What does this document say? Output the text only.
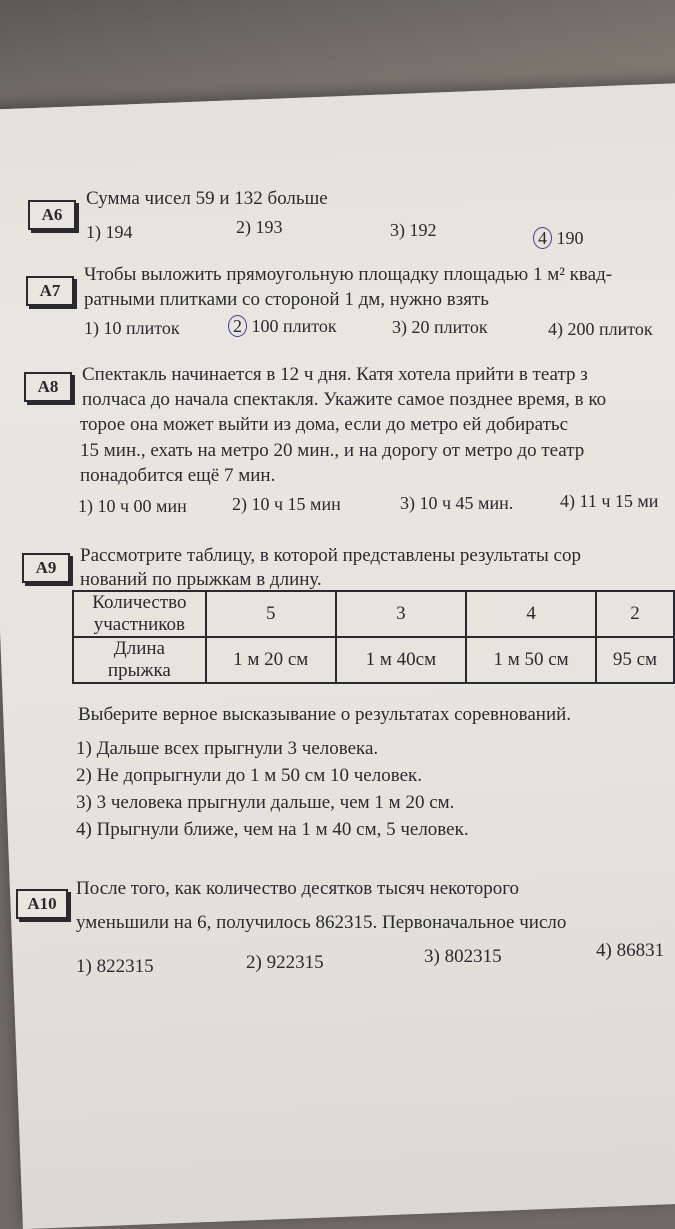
А6
Сумма чисел 59 и 132 больше
1) 194	2) 193	3) 192	4 190
А7
Чтобы выложить прямоугольную площадку площадью 1 м² квад-
ратными плитками со стороной 1 дм, нужно взять
1) 10 плиток	2 100 плиток	3) 20 плиток	4) 200 плиток
А8
Спектакль начинается в 12 ч дня. Катя хотела прийти в театр з
полчаса до начала спектакля. Укажите самое позднее время, в ко
торое она может выйти из дома, если до метро ей добиратьс
15 мин., ехать на метро 20 мин., и на дорогу от метро до театр
понадобится ещё 7 мин.
1) 10 ч 00 мин	2) 10 ч 15 мин	3) 10 ч 45 мин.	4) 11 ч 15 ми
А9
Рассмотрите таблицу, в которой представлены результаты сор
нований по прыжкам в длину.
Количество
участников	5	3	4	2
Длина
прыжка	1 м 20 см	1 м 40см	1 м 50 см	95 см
Выберите верное высказывание о результатах соревнований.
1) Дальше всех прыгнули 3 человека.
2) Не допрыгнули до 1 м 50 см 10 человек.
3) 3 человека прыгнули дальше, чем 1 м 20 см.
4) Прыгнули ближе, чем на 1 м 40 см, 5 человек.
А10
После того, как количество десятков тысяч некоторого
уменьшили на 6, получилось 862315. Первоначальное число
1) 822315	2) 922315	3) 802315	4) 86831
